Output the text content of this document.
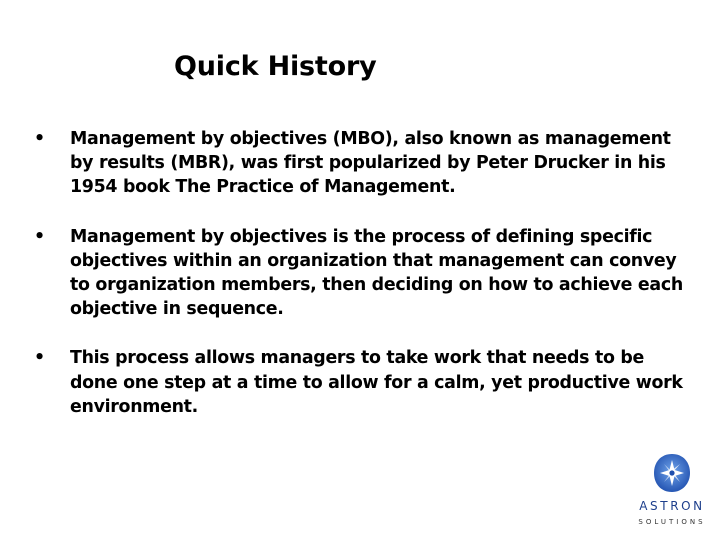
Quick History
• Management by objectives (MBO), also known as management by results (MBR), was first popularized by Peter Drucker in his 1954 book The Practice of Management.
• Management by objectives is the process of defining specific objectives within an organization that management can convey to organization members, then deciding on how to achieve each objective in sequence.
• This process allows managers to take work that needs to be done one step at a time to allow for a calm, yet productive work environment.
ASTRON
SOLUTIONS
